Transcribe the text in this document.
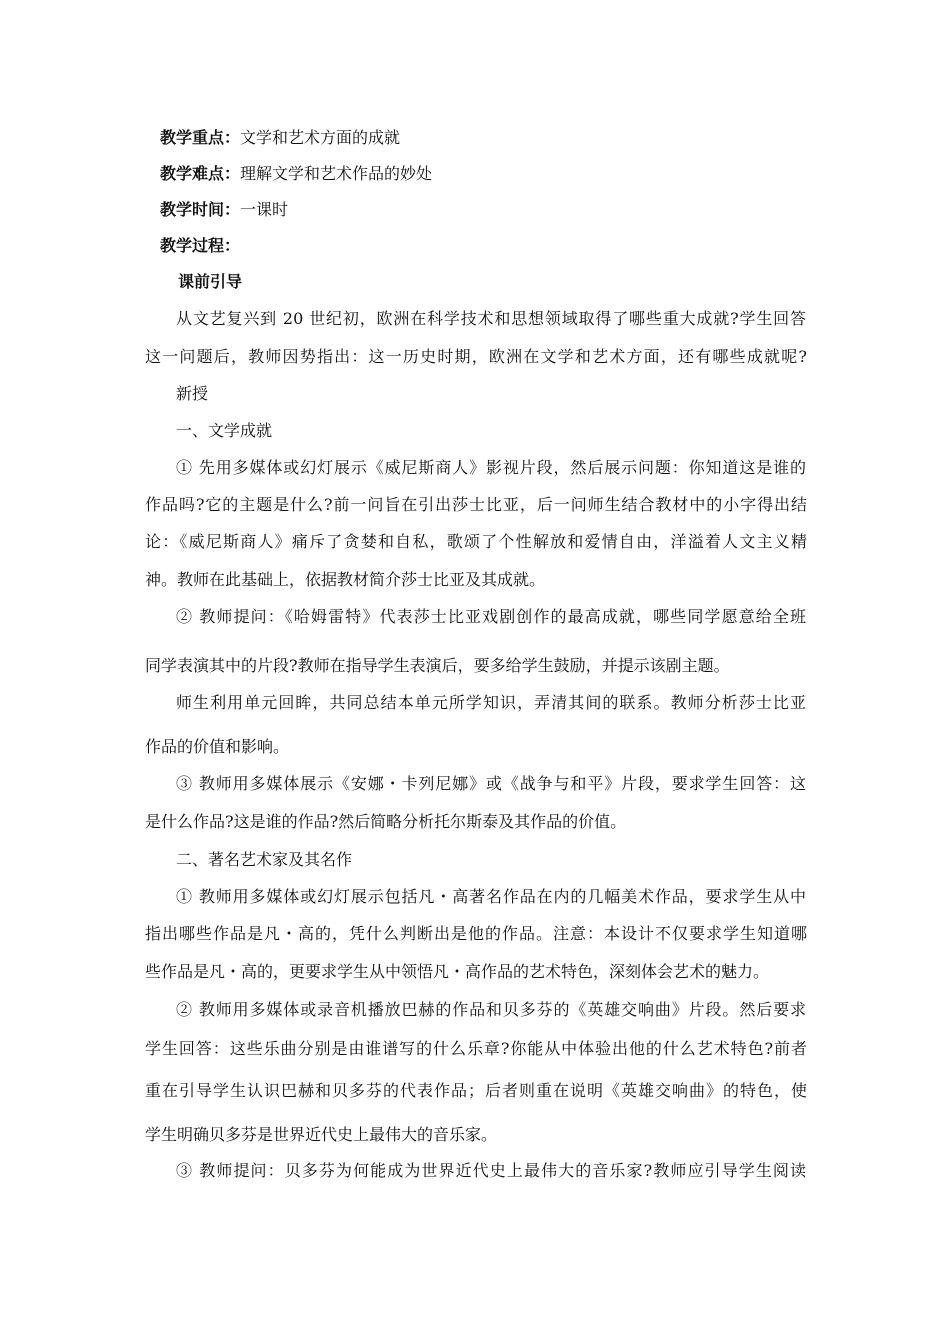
教学重点：文学和艺术方面的成就
教学难点：理解文学和艺术作品的妙处
教学时间：一课时
教学过程：
课前引导
从文艺复兴到 20 世纪初，欧洲在科学技术和思想领域取得了哪些重大成就?学生回答
这一问题后，教师因势指出：这一历史时期，欧洲在文学和艺术方面，还有哪些成就呢?
新授
一、文学成就
① 先用多媒体或幻灯展示《威尼斯商人》影视片段，然后展示问题：你知道这是谁的
作品吗?它的主题是什么?前一问旨在引出莎士比亚，后一问师生结合教材中的小字得出结
论：《威尼斯商人》痛斥了贪婪和自私，歌颂了个性解放和爱情自由，洋溢着人文主义精
神。教师在此基础上，依据教材简介莎士比亚及其成就。
② 教师提问：《哈姆雷特》代表莎士比亚戏剧创作的最高成就，哪些同学愿意给全班
同学表演其中的片段?教师在指导学生表演后，要多给学生鼓励，并提示该剧主题。
师生利用单元回眸，共同总结本单元所学知识，弄清其间的联系。教师分析莎士比亚
作品的价值和影响。
③ 教师用多媒体展示《安娜・卡列尼娜》或《战争与和平》片段，要求学生回答：这
是什么作品?这是谁的作品?然后简略分析托尔斯泰及其作品的价值。
二、著名艺术家及其名作
① 教师用多媒体或幻灯展示包括凡・高著名作品在内的几幅美术作品，要求学生从中
指出哪些作品是凡・高的，凭什么判断出是他的作品。注意：本设计不仅要求学生知道哪
些作品是凡・高的，更要求学生从中领悟凡・高作品的艺术特色，深刻体会艺术的魅力。
② 教师用多媒体或录音机播放巴赫的作品和贝多芬的《英雄交响曲》片段。然后要求
学生回答：这些乐曲分别是由谁谱写的什么乐章?你能从中体验出他的什么艺术特色?前者
重在引导学生认识巴赫和贝多芬的代表作品；后者则重在说明《英雄交响曲》的特色，使
学生明确贝多芬是世界近代史上最伟大的音乐家。
③ 教师提问：贝多芬为何能成为世界近代史上最伟大的音乐家?教师应引导学生阅读
